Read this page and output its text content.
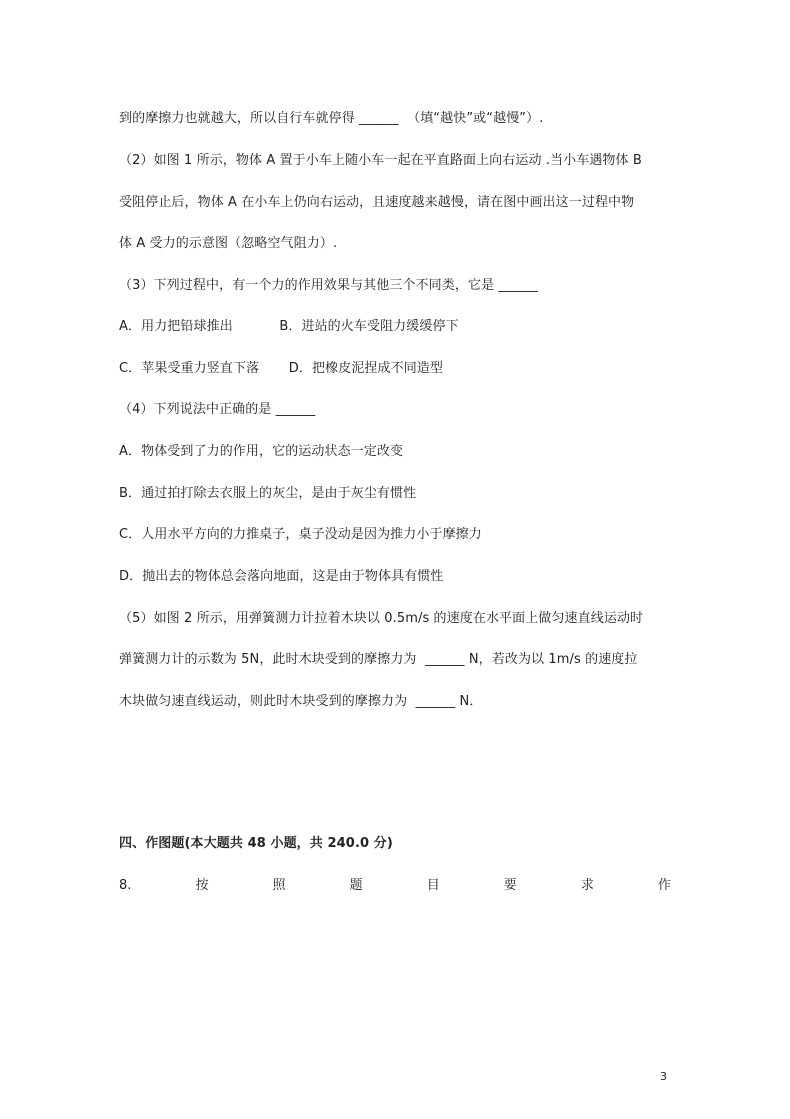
到的摩擦力也就越大，所以自行车就停得 ______  （填“越快”或“越慢”）.
（2）如图 1 所示，物体 A 置于小车上随小车一起在平直路面上向右运动 .当小车遇物体 B
受阻停止后，物体 A 在小车上仍向右运动，且速度越来越慢，请在图中画出这一过程中物
体 A 受力的示意图（忽略空气阻力）.
（3）下列过程中，有一个力的作用效果与其他三个不同类，它是 ______
A．用力把铅球推出           B．进站的火车受阻力缓缓停下
C．苹果受重力竖直下落       D．把橡皮泥捏成不同造型
（4）下列说法中正确的是 ______
A．物体受到了力的作用，它的运动状态一定改变
B．通过拍打除去衣服上的灰尘，是由于灰尘有惯性
C．人用水平方向的力推桌子，桌子没动是因为推力小于摩擦力
D．抛出去的物体总会落向地面，这是由于物体具有惯性
（5）如图 2 所示，用弹簧测力计拉着木块以 0.5m/s 的速度在水平面上做匀速直线运动时
弹簧测力计的示数为 5N，此时木块受到的摩擦力为  ______ N，若改为以 1m/s 的速度拉
木块做匀速直线运动，则此时木块受到的摩擦力为  ______ N．
四、作图题(本大题共 48 小题，共 240.0 分)
8.	按	照	题	目	要	求	作
3
